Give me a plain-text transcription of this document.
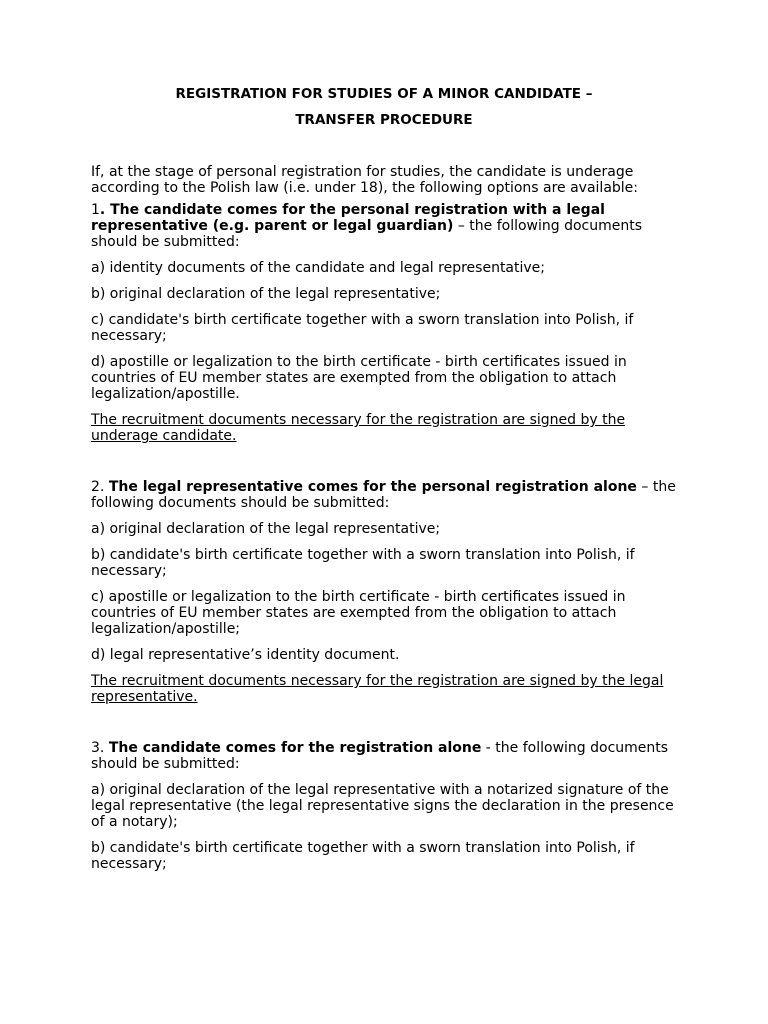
REGISTRATION FOR STUDIES OF A MINOR CANDIDATE –

TRANSFER PROCEDURE

If, at the stage of personal registration for studies, the candidate is underage according to the Polish law (i.e. under 18), the following options are available:

1. The candidate comes for the personal registration with a legal representative (e.g. parent or legal guardian) – the following documents should be submitted:

a) identity documents of the candidate and legal representative;

b) original declaration of the legal representative;

c) candidate's birth certificate together with a sworn translation into Polish, if necessary;

d) apostille or legalization to the birth certificate - birth certificates issued in countries of EU member states are exempted from the obligation to attach legalization/apostille.

The recruitment documents necessary for the registration are signed by the underage candidate.

2. The legal representative comes for the personal registration alone – the following documents should be submitted:

a) original declaration of the legal representative;

b) candidate's birth certificate together with a sworn translation into Polish, if necessary;

c) apostille or legalization to the birth certificate - birth certificates issued in countries of EU member states are exempted from the obligation to attach legalization/apostille;

d) legal representative’s identity document.

The recruitment documents necessary for the registration are signed by the legal representative.

3. The candidate comes for the registration alone - the following documents should be submitted:

a) original declaration of the legal representative with a notarized signature of the legal representative (the legal representative signs the declaration in the presence of a notary);

b) candidate's birth certificate together with a sworn translation into Polish, if necessary;
